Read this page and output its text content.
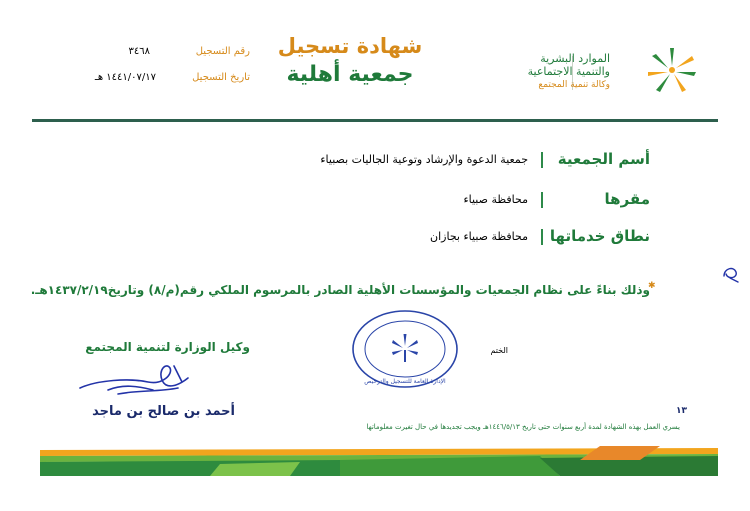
الموارد البشرية
والتنمية الاجتماعية
وكالة تنمية المجتمع
شهادة تسجيل
جمعية أهلية
رقم التسجيل
٣٤٦٨
تاريخ التسجيل
١٤٤١/٠٧/١٧ هـ
أسم الجمعية
جمعية الدعوة والإرشاد وتوعية الجاليات بصبياء
مقرها
محافظة صبياء
نطاق خدماتها
محافظة صبياء بجازان
✱
وذلك بناءً على نظام الجمعيات والمؤسسات الأهلية الصادر بالمرسوم الملكي رقم(م/٨) وتاريخ١٤٣٧/٢/١٩هـ.
الإدارة العامة للتسجيل والترخيص
الختم
وكيل الوزارة لتنمية المجتمع
أحمد بن صالح بن ماجد	١٣
يسري العمل بهذه الشهادة لمدة أربع سنوات حتى تاريخ ١٤٤٦/٥/١٣هـ ويجب تجديدها في حال تغيرت معلوماتها
